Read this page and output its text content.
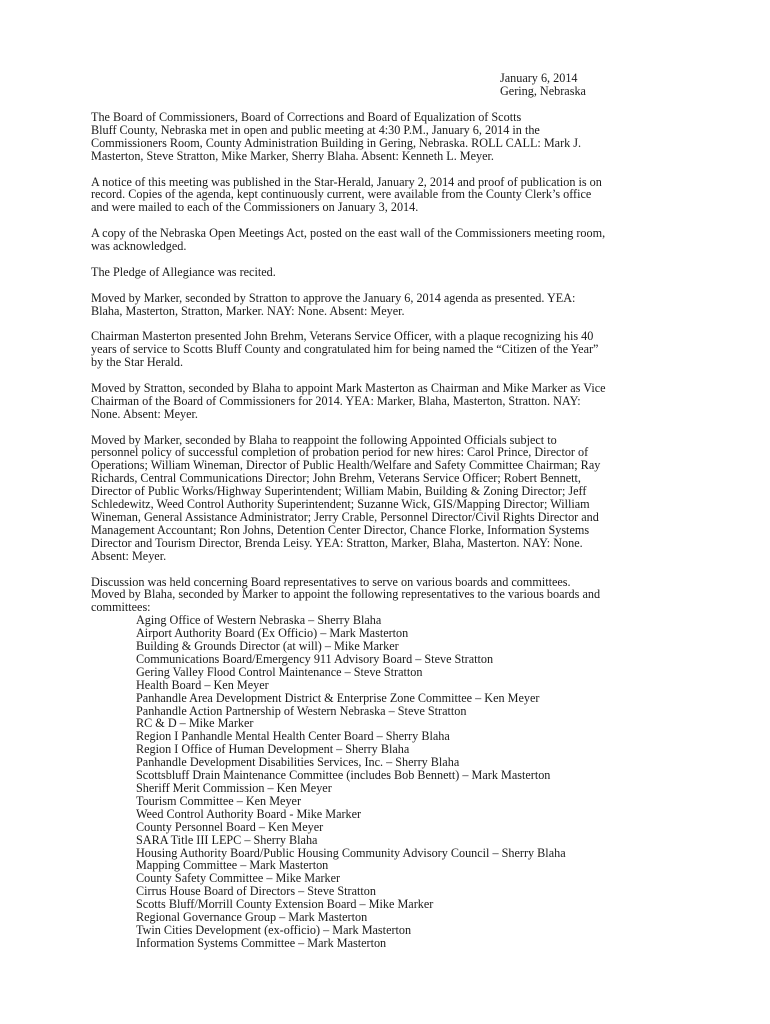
January 6, 2014
Gering, Nebraska
The Board of Commissioners, Board of Corrections and Board of Equalization of Scotts
Bluff County, Nebraska met in open and public meeting at 4:30 P.M., January 6, 2014 in the
Commissioners Room, County Administration Building in Gering, Nebraska. ROLL CALL: Mark J.
Masterton, Steve Stratton, Mike Marker, Sherry Blaha. Absent: Kenneth L. Meyer.
A notice of this meeting was published in the Star-Herald, January 2, 2014 and proof of publication is on
record. Copies of the agenda, kept continuously current, were available from the County Clerk’s office
and were mailed to each of the Commissioners on January 3, 2014.
A copy of the Nebraska Open Meetings Act, posted on the east wall of the Commissioners meeting room,
was acknowledged.
The Pledge of Allegiance was recited.
Moved by Marker, seconded by Stratton to approve the January 6, 2014 agenda as presented. YEA:
Blaha, Masterton, Stratton, Marker. NAY: None. Absent: Meyer.
Chairman Masterton presented John Brehm, Veterans Service Officer, with a plaque recognizing his 40
years of service to Scotts Bluff County and congratulated him for being named the “Citizen of the Year”
by the Star Herald.
Moved by Stratton, seconded by Blaha to appoint Mark Masterton as Chairman and Mike Marker as Vice
Chairman of the Board of Commissioners for 2014. YEA: Marker, Blaha, Masterton, Stratton. NAY:
None. Absent: Meyer.
Moved by Marker, seconded by Blaha to reappoint the following Appointed Officials subject to
personnel policy of successful completion of probation period for new hires: Carol Prince, Director of
Operations; William Wineman, Director of Public Health/Welfare and Safety Committee Chairman; Ray
Richards, Central Communications Director; John Brehm, Veterans Service Officer; Robert Bennett,
Director of Public Works/Highway Superintendent; William Mabin, Building & Zoning Director; Jeff
Schledewitz, Weed Control Authority Superintendent; Suzanne Wick, GIS/Mapping Director; William
Wineman, General Assistance Administrator; Jerry Crable, Personnel Director/Civil Rights Director and
Management Accountant; Ron Johns, Detention Center Director, Chance Florke, Information Systems
Director and Tourism Director, Brenda Leisy. YEA: Stratton, Marker, Blaha, Masterton. NAY: None.
Absent: Meyer.
Discussion was held concerning Board representatives to serve on various boards and committees.
Moved by Blaha, seconded by Marker to appoint the following representatives to the various boards and
committees:
Aging Office of Western Nebraska – Sherry Blaha
Airport Authority Board (Ex Officio) – Mark Masterton
Building & Grounds Director (at will) – Mike Marker
Communications Board/Emergency 911 Advisory Board – Steve Stratton
Gering Valley Flood Control Maintenance – Steve Stratton
Health Board – Ken Meyer
Panhandle Area Development District & Enterprise Zone Committee – Ken Meyer
Panhandle Action Partnership of Western Nebraska – Steve Stratton
RC & D – Mike Marker
Region I Panhandle Mental Health Center Board – Sherry Blaha
Region I Office of Human Development – Sherry Blaha
Panhandle Development Disabilities Services, Inc. – Sherry Blaha
Scottsbluff Drain Maintenance Committee (includes Bob Bennett) – Mark Masterton
Sheriff Merit Commission – Ken Meyer
Tourism Committee – Ken Meyer
Weed Control Authority Board - Mike Marker
County Personnel Board – Ken Meyer
SARA Title III LEPC – Sherry Blaha
Housing Authority Board/Public Housing Community Advisory Council – Sherry Blaha
Mapping Committee – Mark Masterton
County Safety Committee – Mike Marker
Cirrus House Board of Directors – Steve Stratton
Scotts Bluff/Morrill County Extension Board – Mike Marker
Regional Governance Group – Mark Masterton
Twin Cities Development (ex-officio) – Mark Masterton
Information Systems Committee – Mark Masterton
